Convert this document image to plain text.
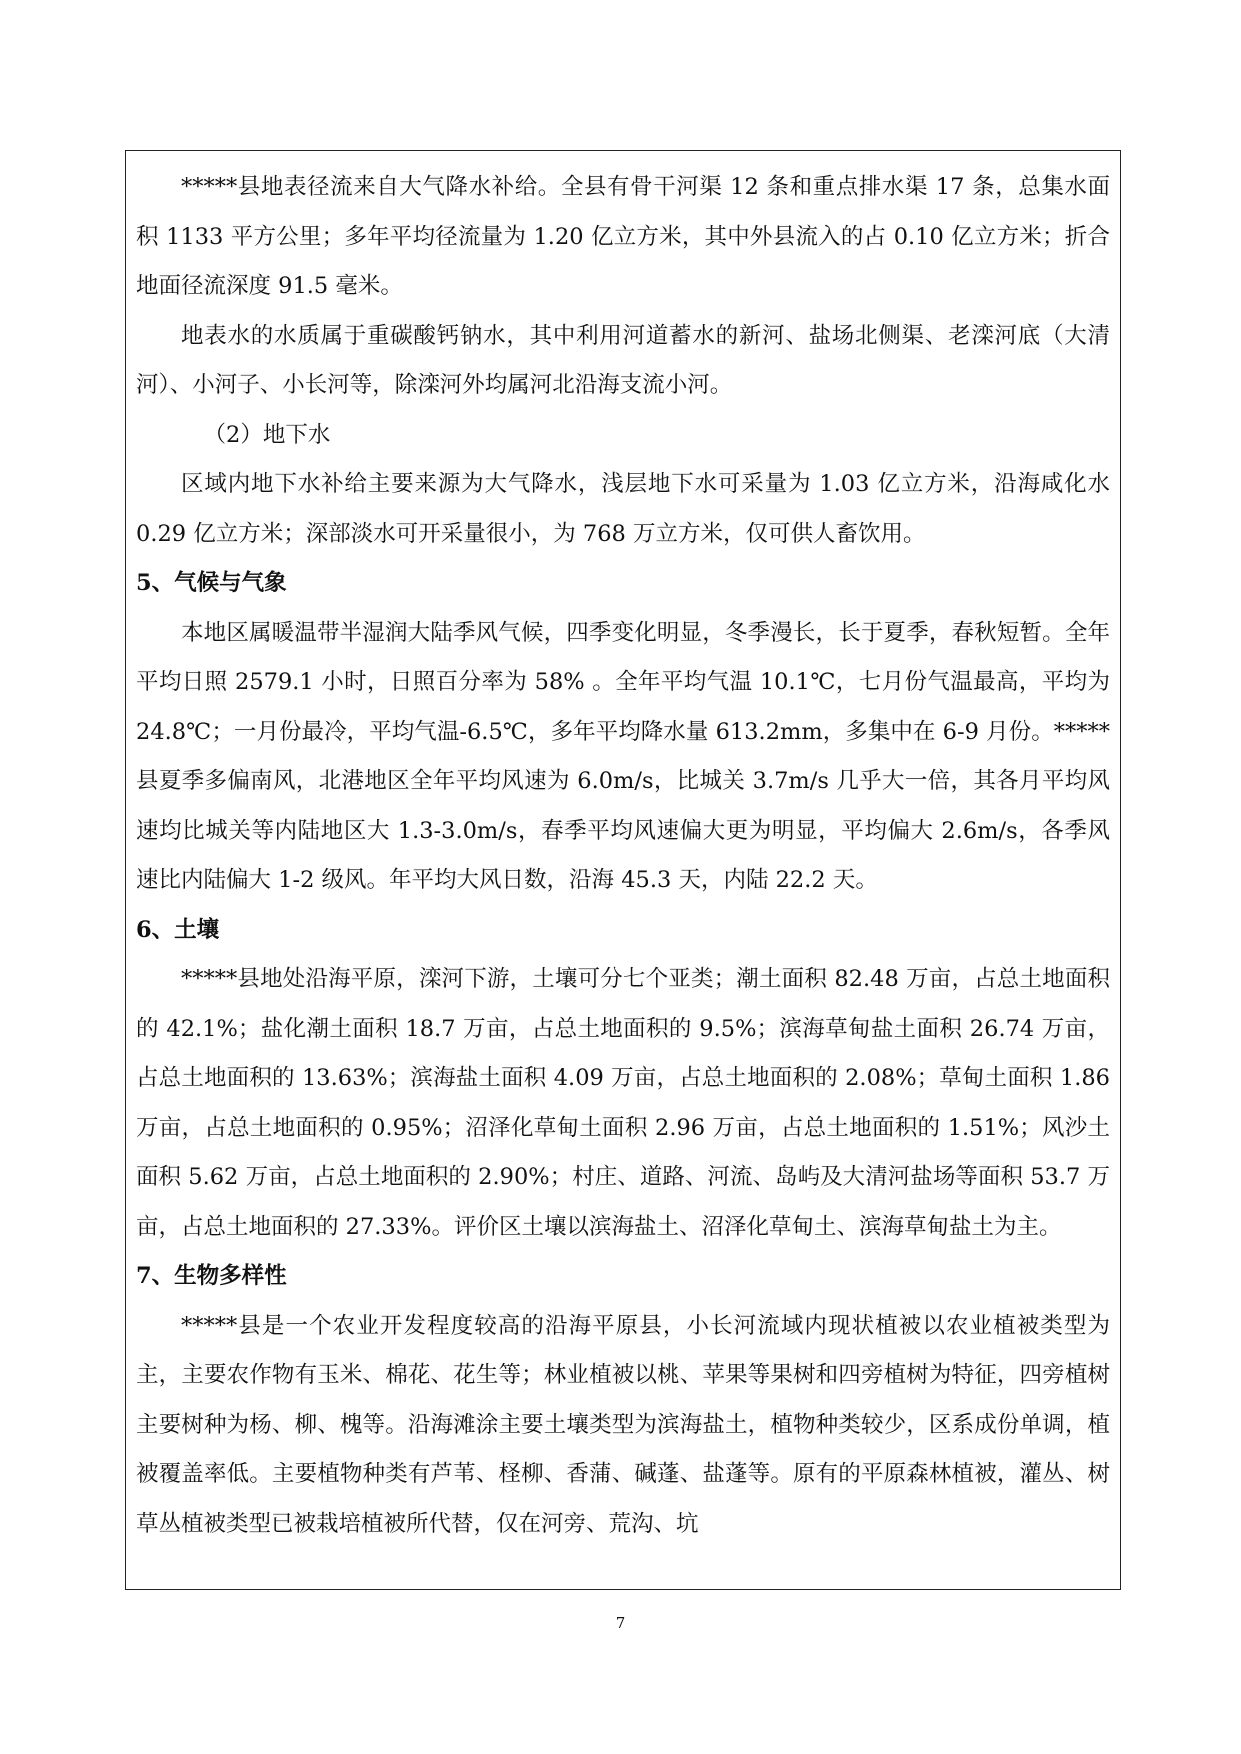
*****县地表径流来自大气降水补给。全县有骨干河渠 12 条和重点排水渠 17 条，总集水面积 1133 平方公里；多年平均径流量为 1.20 亿立方米，其中外县流入的占 0.10 亿立方米；折合地面径流深度 91.5 毫米。

地表水的水质属于重碳酸钙钠水，其中利用河道蓄水的新河、盐场北侧渠、老滦河底（大清河）、小河子、小长河等，除滦河外均属河北沿海支流小河。

（2）地下水

区域内地下水补给主要来源为大气降水，浅层地下水可采量为 1.03 亿立方米，沿海咸化水 0.29 亿立方米；深部淡水可开采量很小，为 768 万立方米，仅可供人畜饮用。

5、气候与气象

本地区属暖温带半湿润大陆季风气候，四季变化明显，冬季漫长，长于夏季，春秋短暂。全年平均日照 2579.1 小时，日照百分率为 58% 。全年平均气温 10.1℃，七月份气温最高，平均为 24.8℃；一月份最冷，平均气温-6.5℃，多年平均降水量 613.2mm，多集中在 6-9 月份。*****县夏季多偏南风，北港地区全年平均风速为 6.0m/s，比城关 3.7m/s 几乎大一倍，其各月平均风速均比城关等内陆地区大 1.3-3.0m/s，春季平均风速偏大更为明显，平均偏大 2.6m/s，各季风速比内陆偏大 1-2 级风。年平均大风日数，沿海 45.3 天，内陆 22.2 天。

6、土壤

*****县地处沿海平原，滦河下游，土壤可分七个亚类；潮土面积 82.48 万亩，占总土地面积的 42.1%；盐化潮土面积 18.7 万亩，占总土地面积的 9.5%；滨海草甸盐土面积 26.74 万亩，占总土地面积的 13.63%；滨海盐土面积 4.09 万亩，占总土地面积的 2.08%；草甸土面积 1.86 万亩，占总土地面积的 0.95%；沼泽化草甸土面积 2.96 万亩，占总土地面积的 1.51%；风沙土面积 5.62 万亩，占总土地面积的 2.90%；村庄、道路、河流、岛屿及大清河盐场等面积 53.7 万亩，占总土地面积的 27.33%。评价区土壤以滨海盐土、沼泽化草甸土、滨海草甸盐土为主。

7、生物多样性

*****县是一个农业开发程度较高的沿海平原县，小长河流域内现状植被以农业植被类型为主，主要农作物有玉米、棉花、花生等；林业植被以桃、苹果等果树和四旁植树为特征，四旁植树主要树种为杨、柳、槐等。沿海滩涂主要土壤类型为滨海盐土，植物种类较少，区系成份单调，植被覆盖率低。主要植物种类有芦苇、柽柳、香蒲、碱蓬、盐蓬等。原有的平原森林植被，灌丛、树草丛植被类型已被栽培植被所代替，仅在河旁、荒沟、坑

7
